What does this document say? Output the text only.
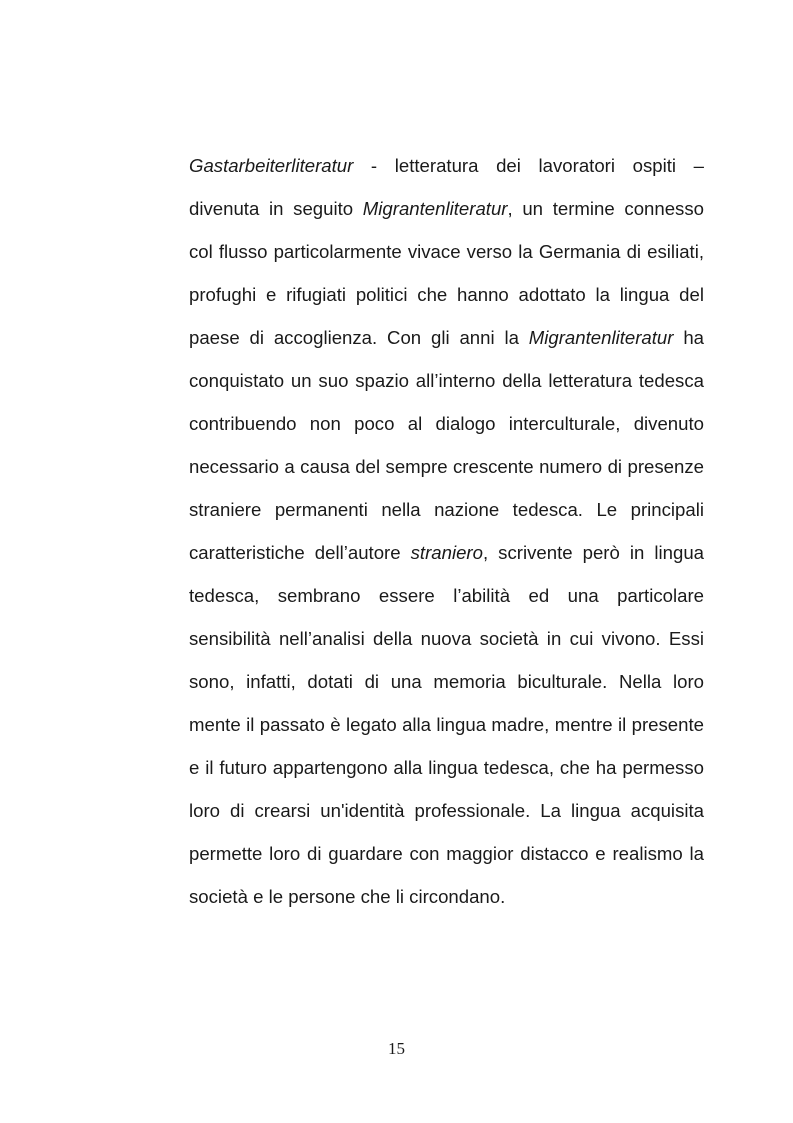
Gastarbeiterliteratur - letteratura dei lavoratori ospiti – divenuta in seguito Migrantenliteratur, un termine connesso col flusso particolarmente vivace verso la Germania di esiliati, profughi e rifugiati politici che hanno adottato la lingua del paese di accoglienza. Con gli anni la Migrantenliteratur ha conquistato un suo spazio all’interno della letteratura tedesca contribuendo non poco al dialogo interculturale, divenuto necessario a causa del sempre crescente numero di presenze straniere permanenti nella nazione tedesca. Le principali caratteristiche dell’autore straniero, scrivente però in lingua tedesca, sembrano essere l’abilità ed una particolare sensibilità nell’analisi della nuova società in cui vivono. Essi sono, infatti, dotati di una memoria biculturale. Nella loro mente il passato è legato alla lingua madre, mentre il presente e il futuro appartengono alla lingua tedesca, che ha permesso loro di crearsi un'identità professionale. La lingua acquisita permette loro di guardare con maggior distacco e realismo la società e le persone che li circondano.

15
